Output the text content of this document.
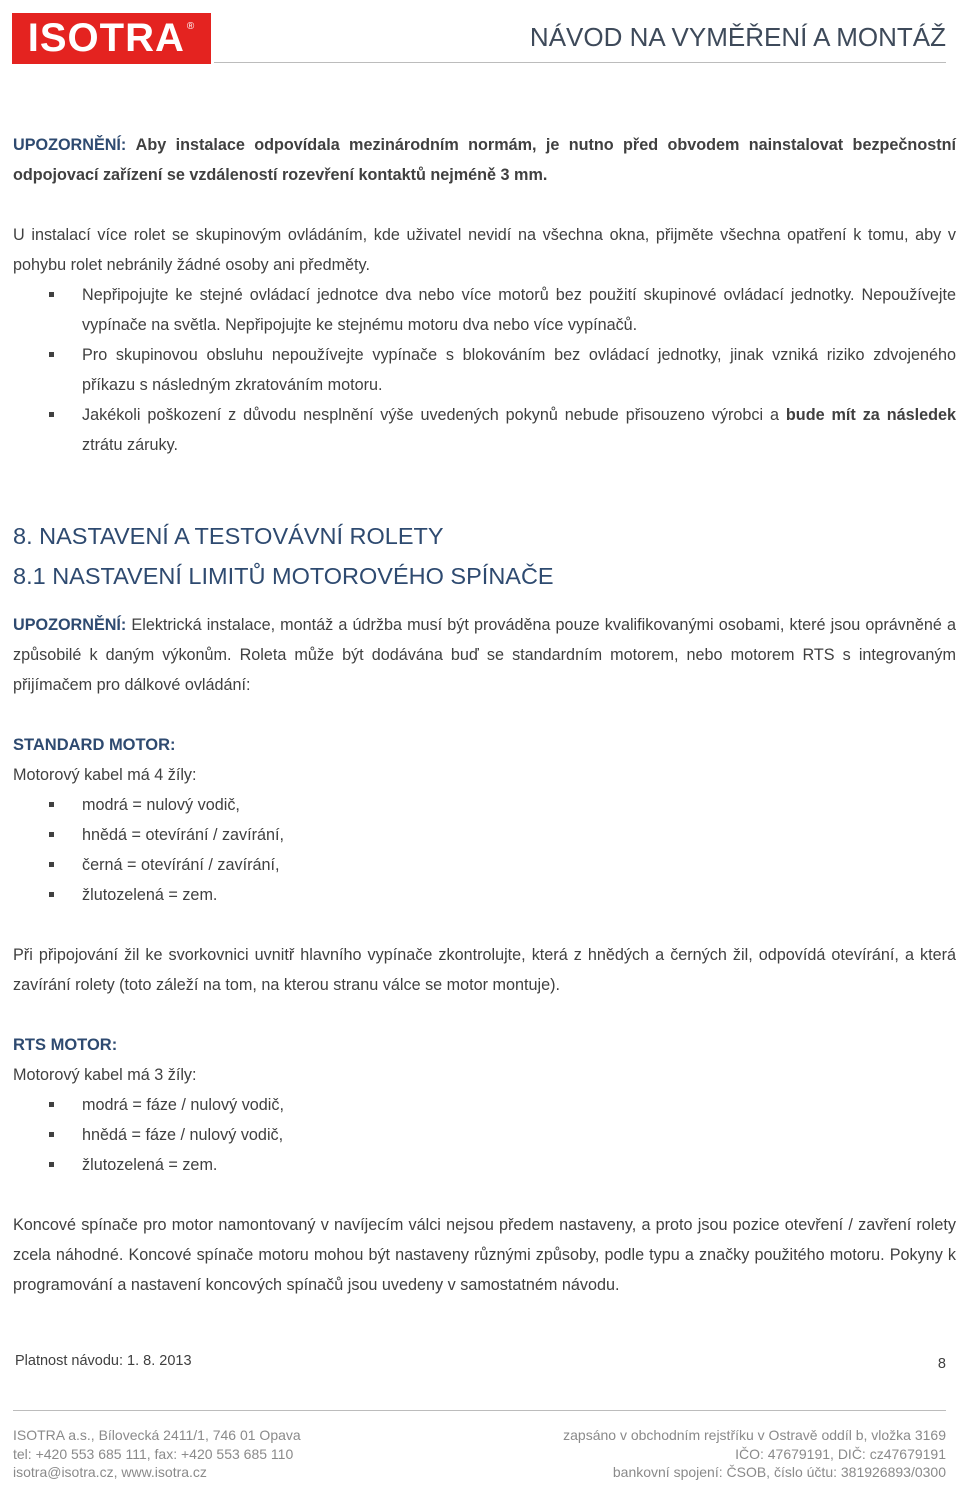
ISOTRA ®	NÁVOD NA VYMĚŘENÍ A MONTÁŽ

UPOZORNĚNÍ: Aby instalace odpovídala mezinárodním normám, je nutno před obvodem nainstalovat bezpečnostní odpojovací zařízení se vzdáleností rozevření kontaktů nejméně 3 mm.

U instalací více rolet se skupinovým ovládáním, kde uživatel nevidí na všechna okna, přijměte všechna opatření k tomu, aby v pohybu rolet nebránily žádné osoby ani předměty.

Nepřipojujte ke stejné ovládací jednotce dva nebo více motorů bez použití skupinové ovládací jednotky. Nepoužívejte vypínače na světla. Nepřipojujte ke stejnému motoru dva nebo více vypínačů.
Pro skupinovou obsluhu nepoužívejte vypínače s blokováním bez ovládací jednotky, jinak vzniká riziko zdvojeného příkazu s následným zkratováním motoru.
Jakékoli poškození z důvodu nesplnění výše uvedených pokynů nebude přisouzeno výrobci a bude mít za následek ztrátu záruky.
8. NASTAVENÍ A TESTOVÁVNÍ ROLETY
8.1 NASTAVENÍ LIMITŮ MOTOROVÉHO SPÍNAČE

UPOZORNĚNÍ: Elektrická instalace, montáž a údržba musí být prováděna pouze kvalifikovanými osobami, které jsou oprávněné a způsobilé k daným výkonům. Roleta může být dodávána buď se standardním motorem, nebo motorem RTS s integrovaným přijímačem pro dálkové ovládání:

STANDARD MOTOR:

Motorový kabel má 4 žíly:

modrá = nulový vodič,
hnědá = otevírání / zavírání,
černá = otevírání / zavírání,
žlutozelená = zem.

Při připojování žil ke svorkovnici uvnitř hlavního vypínače zkontrolujte, která z hnědých a černých žil, odpovídá otevírání, a která zavírání rolety (toto záleží na tom, na kterou stranu válce se motor montuje).

RTS MOTOR:

Motorový kabel má 3 žíly:

modrá = fáze / nulový vodič,
hnědá = fáze / nulový vodič,
žlutozelená = zem.

Koncové spínače pro motor namontovaný v navíjecím válci nejsou předem nastaveny, a proto jsou pozice otevření / zavření rolety zcela náhodné. Koncové spínače motoru mohou být nastaveny různými způsoby, podle typu a značky použitého motoru. Pokyny k programování a nastavení koncových spínačů jsou uvedeny v samostatném návodu.

Platnost návodu: 1. 8. 2013	8
ISOTRA a.s., Bílovecká 2411/1, 746 01 Opava
tel: +420 553 685 111, fax: +420 553 685 110
isotra@isotra.cz, www.isotra.cz
zapsáno v obchodním rejstříku v Ostravě oddíl b, vložka 3169
IČO: 47679191, DIČ: cz47679191
bankovní spojení: ČSOB, číslo účtu: 381926893/0300
